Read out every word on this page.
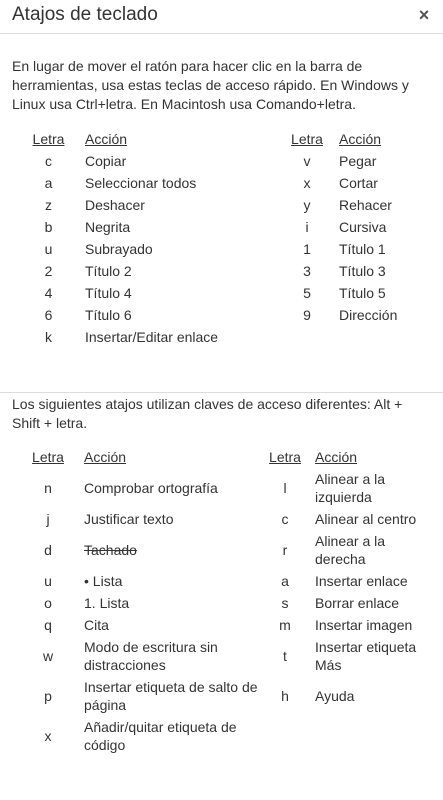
Atajos de teclado	×
En lugar de mover el ratón para hacer clic en la barra de herramientas, usa estas teclas de acceso rápido. En Windows y Linux usa Ctrl+letra. En Macintosh usa Comando+letra.
Letra	Acción	Letra	Acción
c	Copiar	v	Pegar
a	Seleccionar todos	x	Cortar
z	Deshacer	y	Rehacer
b	Negrita	i	Cursiva
u	Subrayado	1	Título 1
2	Título 2	3	Título 3
4	Título 4	5	Título 5
6	Título 6	9	Dirección
k	Insertar/Editar enlace		
Los siguientes atajos utilizan claves de acceso diferentes: Alt + Shift + letra.
Letra	Acción	Letra	Acción
n	Comprobar ortografía	l	Alinear a la izquierda
j	Justificar texto	c	Alinear al centro
d	Tachado	r	Alinear a la derecha
u	• Lista	a	Insertar enlace
o	1. Lista	s	Borrar enlace
q	Cita	m	Insertar imagen
w	Modo de escritura sin distracciones	t	Insertar etiqueta Más
p	Insertar etiqueta de salto de página	h	Ayuda
x	Añadir/quitar etiqueta de código		
